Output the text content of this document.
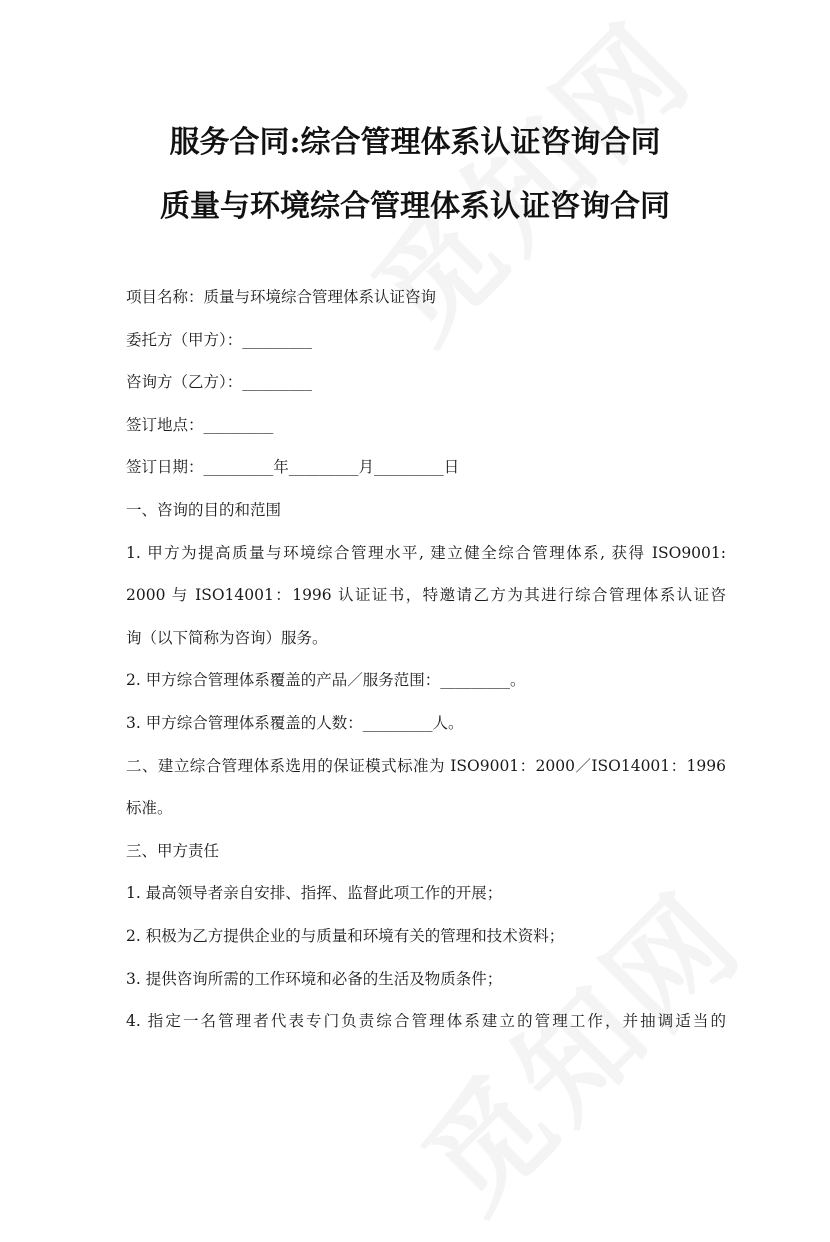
服务合同:综合管理体系认证咨询合同
质量与环境综合管理体系认证咨询合同
项目名称：质量与环境综合管理体系认证咨询
委托方（甲方）：_________
咨询方（乙方）：_________
签订地点：_________
签订日期：_________年_________月_________日
一、咨询的目的和范围
1. 甲方为提高质量与环境综合管理水平, 建立健全综合管理体系, 获得 ISO9001:
2000 与 ISO14001：1996 认证证书，特邀请乙方为其进行综合管理体系认证咨
询（以下简称为咨询）服务。
2. 甲方综合管理体系覆盖的产品／服务范围：_________。
3. 甲方综合管理体系覆盖的人数：_________人。
二、建立综合管理体系选用的保证模式标准为 ISO9001：2000／ISO14001：1996
标准。
三、甲方责任
1. 最高领导者亲自安排、指挥、监督此项工作的开展；
2. 积极为乙方提供企业的与质量和环境有关的管理和技术资料；
3. 提供咨询所需的工作环境和必备的生活及物质条件；
4. 指定一名管理者代表专门负责综合管理体系建立的管理工作，并抽调适当的
